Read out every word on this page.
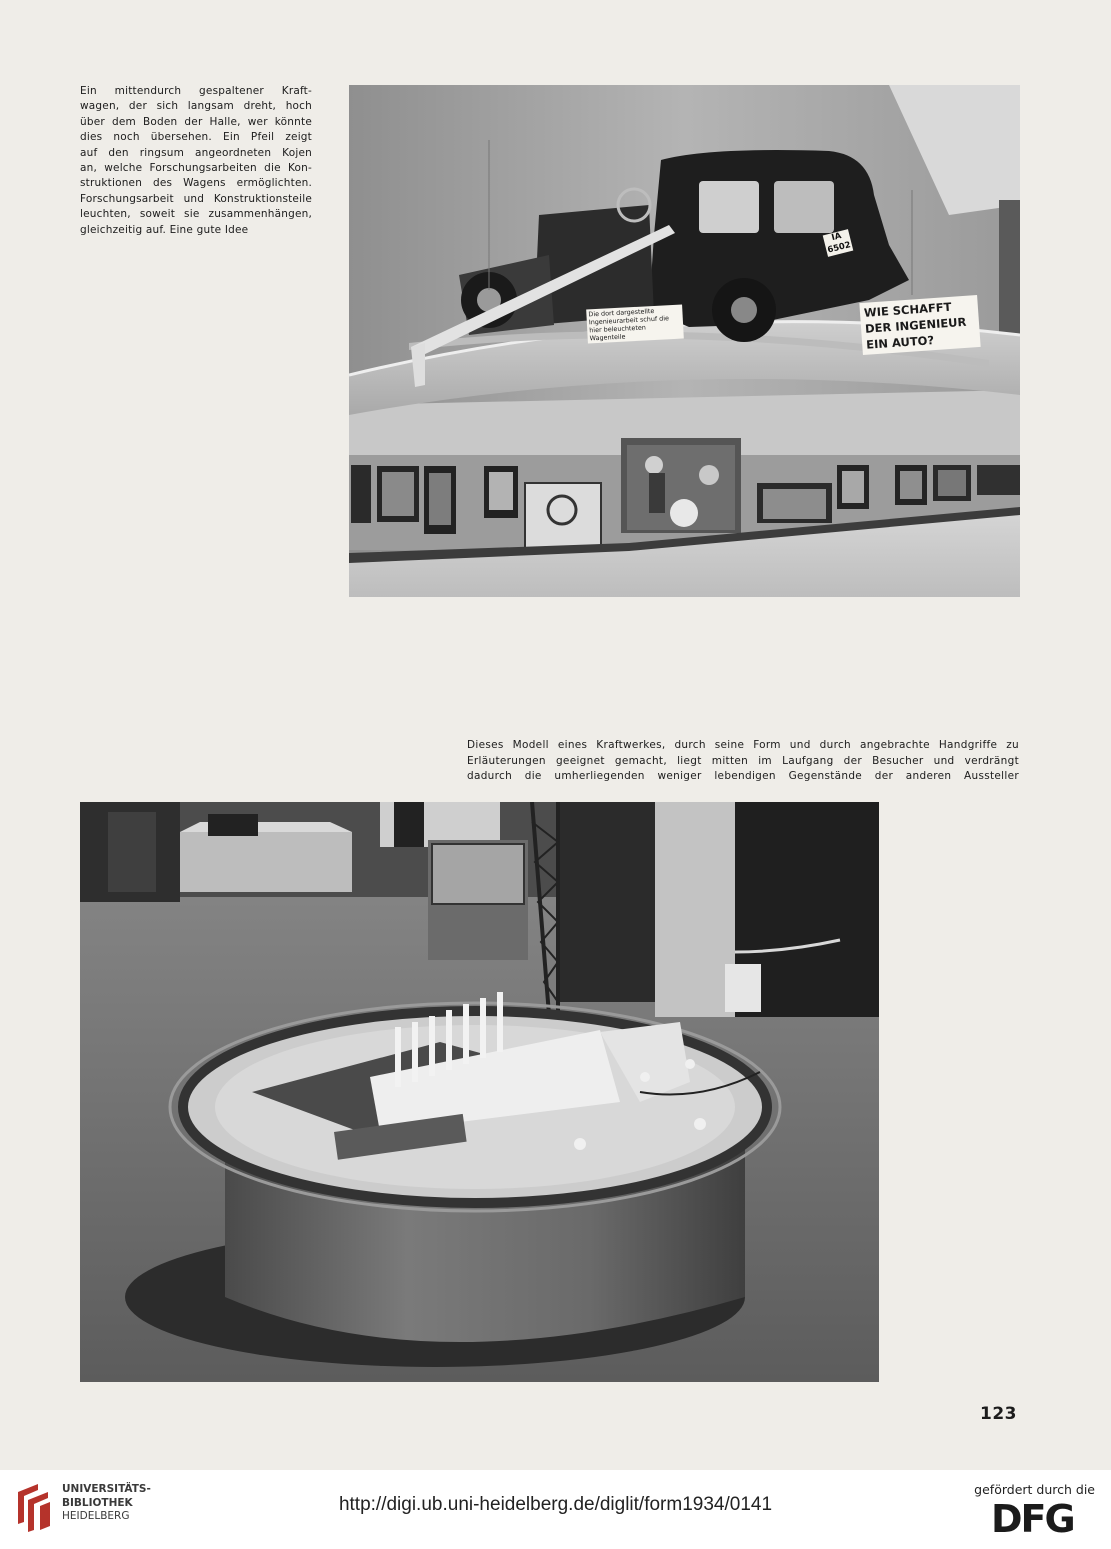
Ein mittendurch gespaltener Kraft-
wagen, der sich langsam dreht, hoch
über dem Boden der Halle, wer könnte
dies noch übersehen. Ein Pfeil zeigt
auf den ringsum angeordneten Kojen
an, welche Forschungsarbeiten die Kon-
struktionen des Wagens ermöglichten.
Forschungsarbeit und Konstruktionsteile
leuchten, soweit sie zusammenhängen,
gleichzeitig auf. Eine gute Idee
IA
6502
Die dort dargestellte Ingenieurarbeit schuf die hier beleuchteten Wagenteile
WIE SCHAFFT DER INGENIEUR EIN AUTO?
Dieses Modell eines Kraftwerkes, durch seine Form und durch angebrachte Handgriffe zu
Erläuterungen geeignet gemacht, liegt mitten im Laufgang der Besucher und verdrängt
dadurch die umherliegenden weniger lebendigen Gegenstände der anderen Aussteller
123
UNIVERSITÄTS-
BIBLIOTHEK
HEIDELBERG
http://digi.ub.uni-heidelberg.de/diglit/form1934/0141
gefördert durch die
DFG
